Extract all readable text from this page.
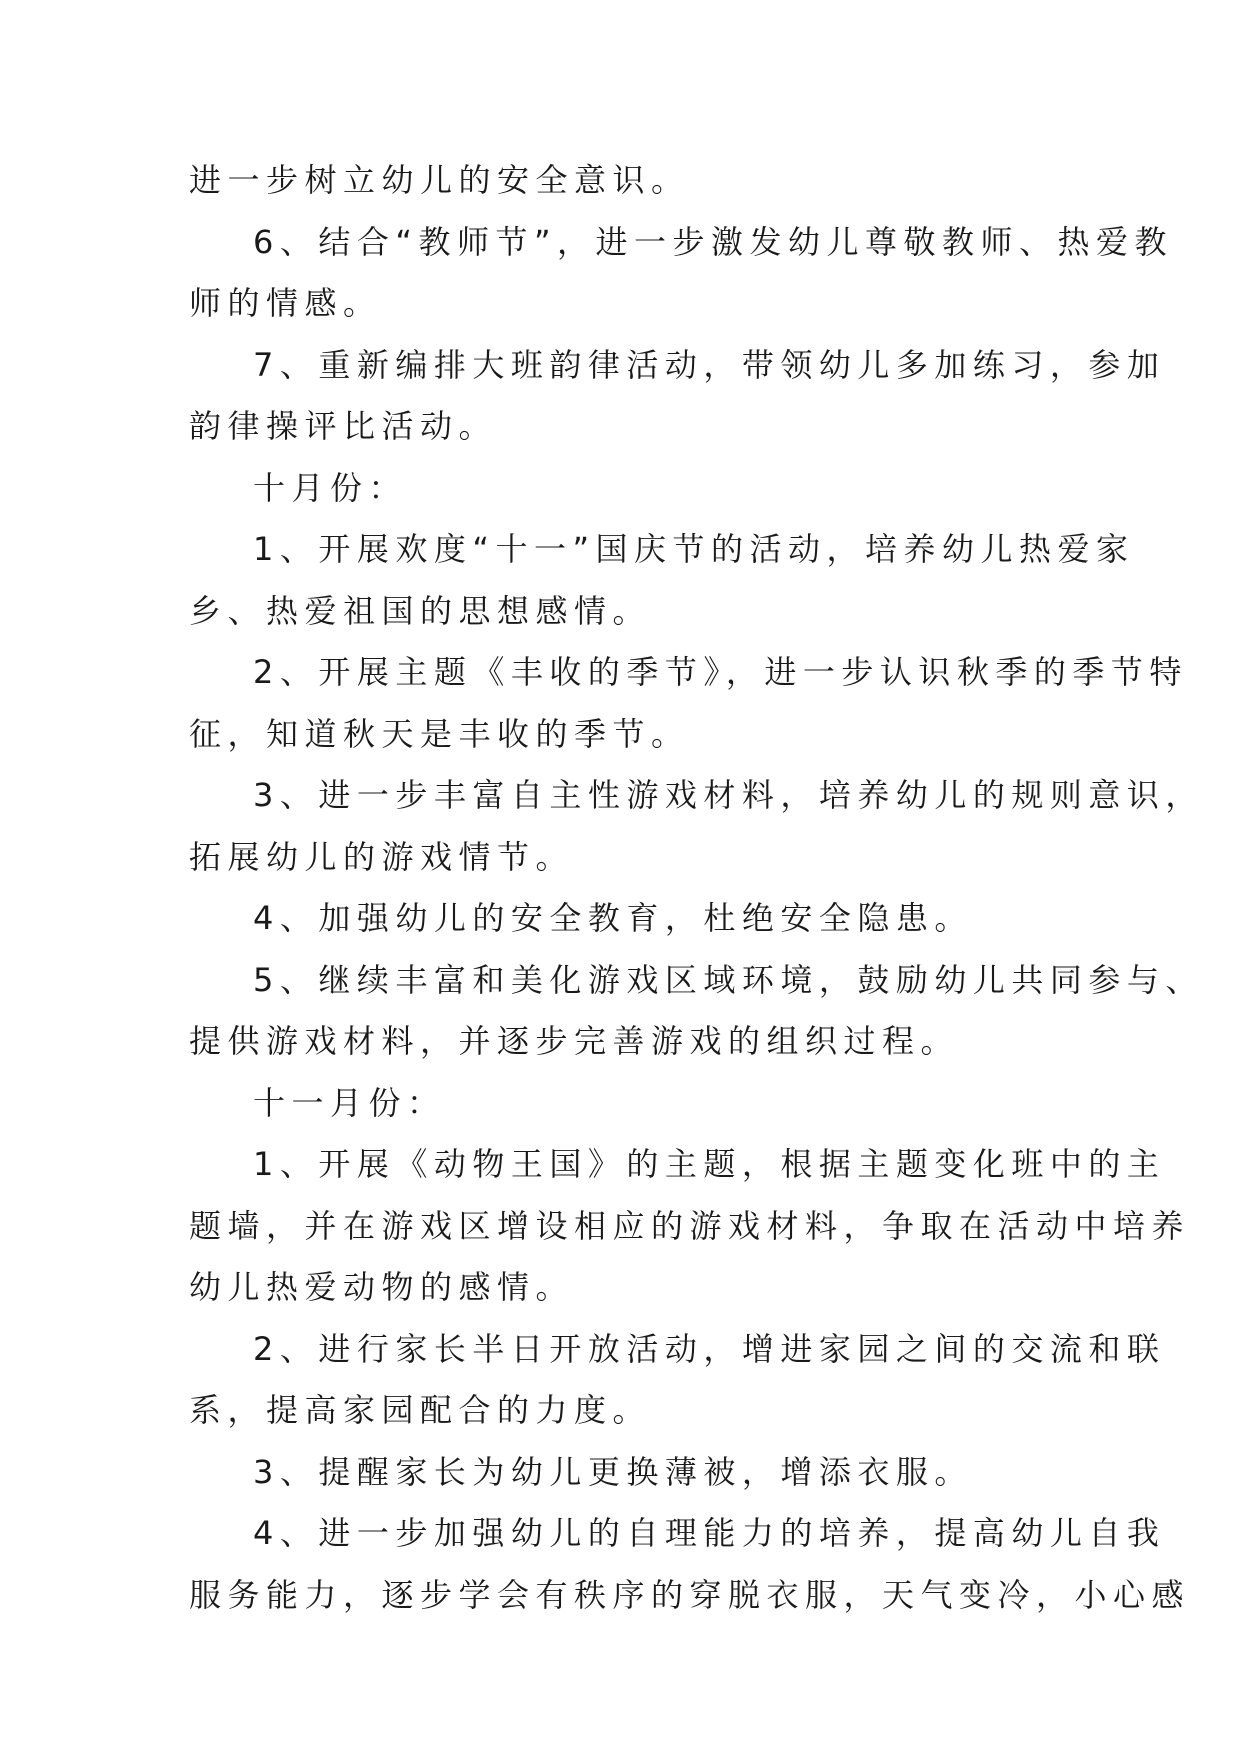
进一步树立幼儿的安全意识。
6、结合“教师节”，进一步激发幼儿尊敬教师、热爱教
师的情感。
7、重新编排大班韵律活动，带领幼儿多加练习，参加
韵律操评比活动。
十月份：
1、开展欢度“十一”国庆节的活动，培养幼儿热爱家
乡、热爱祖国的思想感情。
2、开展主题《丰收的季节》，进一步认识秋季的季节特
征，知道秋天是丰收的季节。
3、进一步丰富自主性游戏材料，培养幼儿的规则意识，
拓展幼儿的游戏情节。
4、加强幼儿的安全教育，杜绝安全隐患。
5、继续丰富和美化游戏区域环境，鼓励幼儿共同参与、
提供游戏材料，并逐步完善游戏的组织过程。
十一月份：
1、开展《动物王国》的主题，根据主题变化班中的主
题墙，并在游戏区增设相应的游戏材料，争取在活动中培养
幼儿热爱动物的感情。
2、进行家长半日开放活动，增进家园之间的交流和联
系，提高家园配合的力度。
3、提醒家长为幼儿更换薄被，增添衣服。
4、进一步加强幼儿的自理能力的培养，提高幼儿自我
服务能力，逐步学会有秩序的穿脱衣服，天气变冷，小心感
